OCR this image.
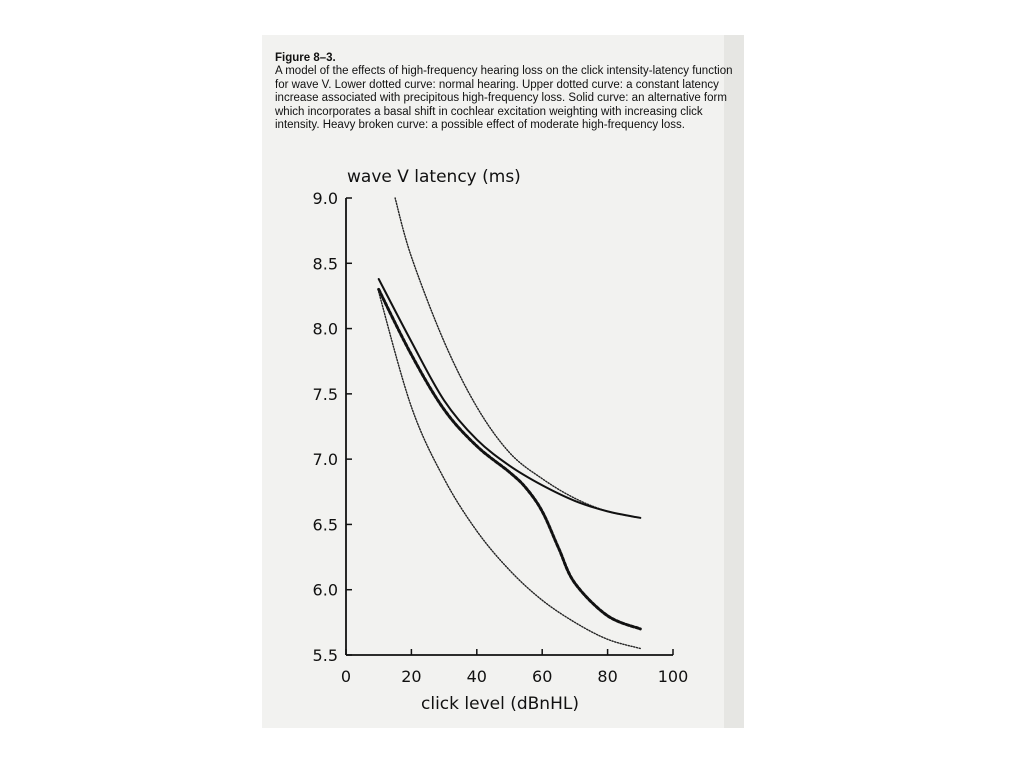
Figure 8–3.
A model of the effects of high-frequency hearing loss on the click intensity-latency function for wave V. Lower dotted curve: normal hearing. Upper dotted curve: a constant latency increase associated with precipitous high-frequency loss. Solid curve: an alternative form which incorporates a basal shift in cochlear excitation weighting with increasing click intensity. Heavy broken curve: a possible effect of moderate high-frequency loss.
wave V latency (ms)
click level (dBnHL)
5.5
6.0
6.5
7.0
7.5
8.0
8.5
9.0
0	20	40	60	80 100
